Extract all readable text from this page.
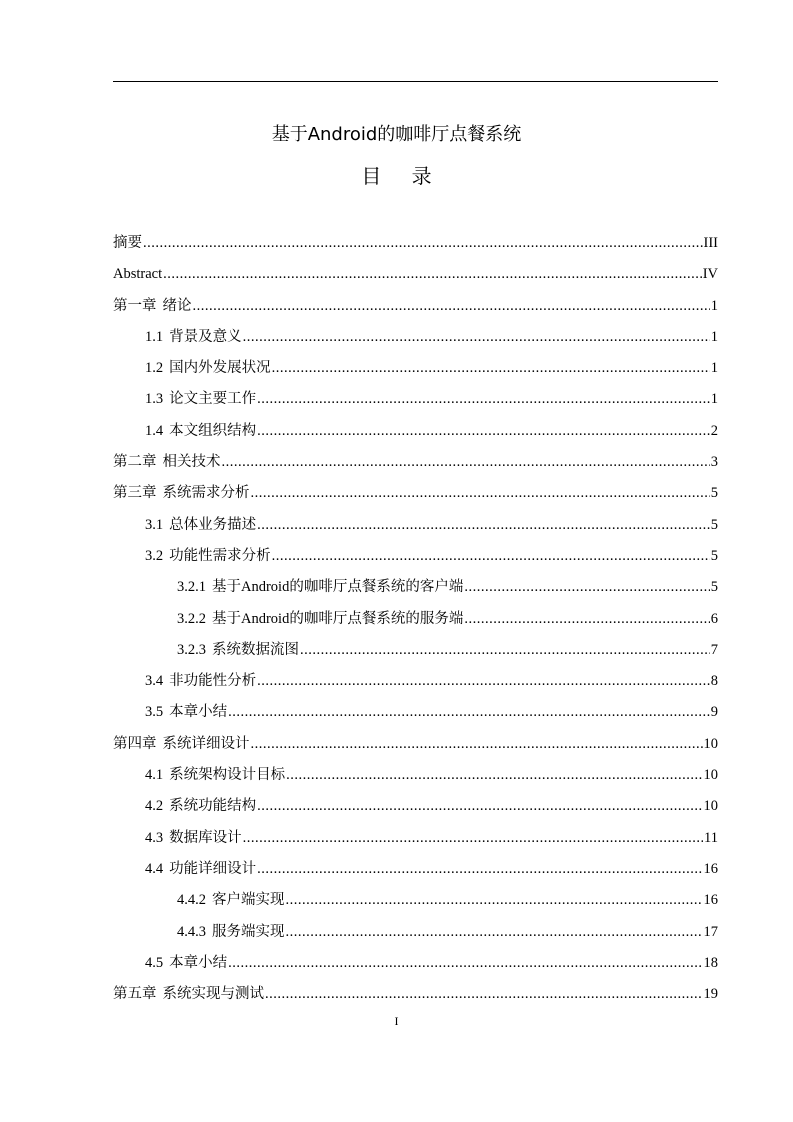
基于Android的咖啡厅点餐系统
目 录
摘要 .....	III
Abstract .....	IV
第一章 绪论 .....	1
1.1 背景及意义 .....	1
1.2 国内外发展状况 .....	1
1.3 论文主要工作 .....	1
1.4 本文组织结构 .....	2
第二章 相关技术 .....	3
第三章 系统需求分析 .....	5
3.1 总体业务描述 .....	5
3.2 功能性需求分析 .....	5
3.2.1 基于Android的咖啡厅点餐系统的客户端 .....	5
3.2.2 基于Android的咖啡厅点餐系统的服务端 .....	6
3.2.3 系统数据流图 .....	7
3.4 非功能性分析 .....	8
3.5 本章小结 .....	9
第四章 系统详细设计 .....	10
4.1 系统架构设计目标 .....	10
4.2 系统功能结构 .....	10
4.3 数据库设计 .....	11
4.4 功能详细设计 .....	16
4.4.2 客户端实现 .....	16
4.4.3 服务端实现 .....	17
4.5 本章小结 .....	18
第五章 系统实现与测试 .....	19
I
